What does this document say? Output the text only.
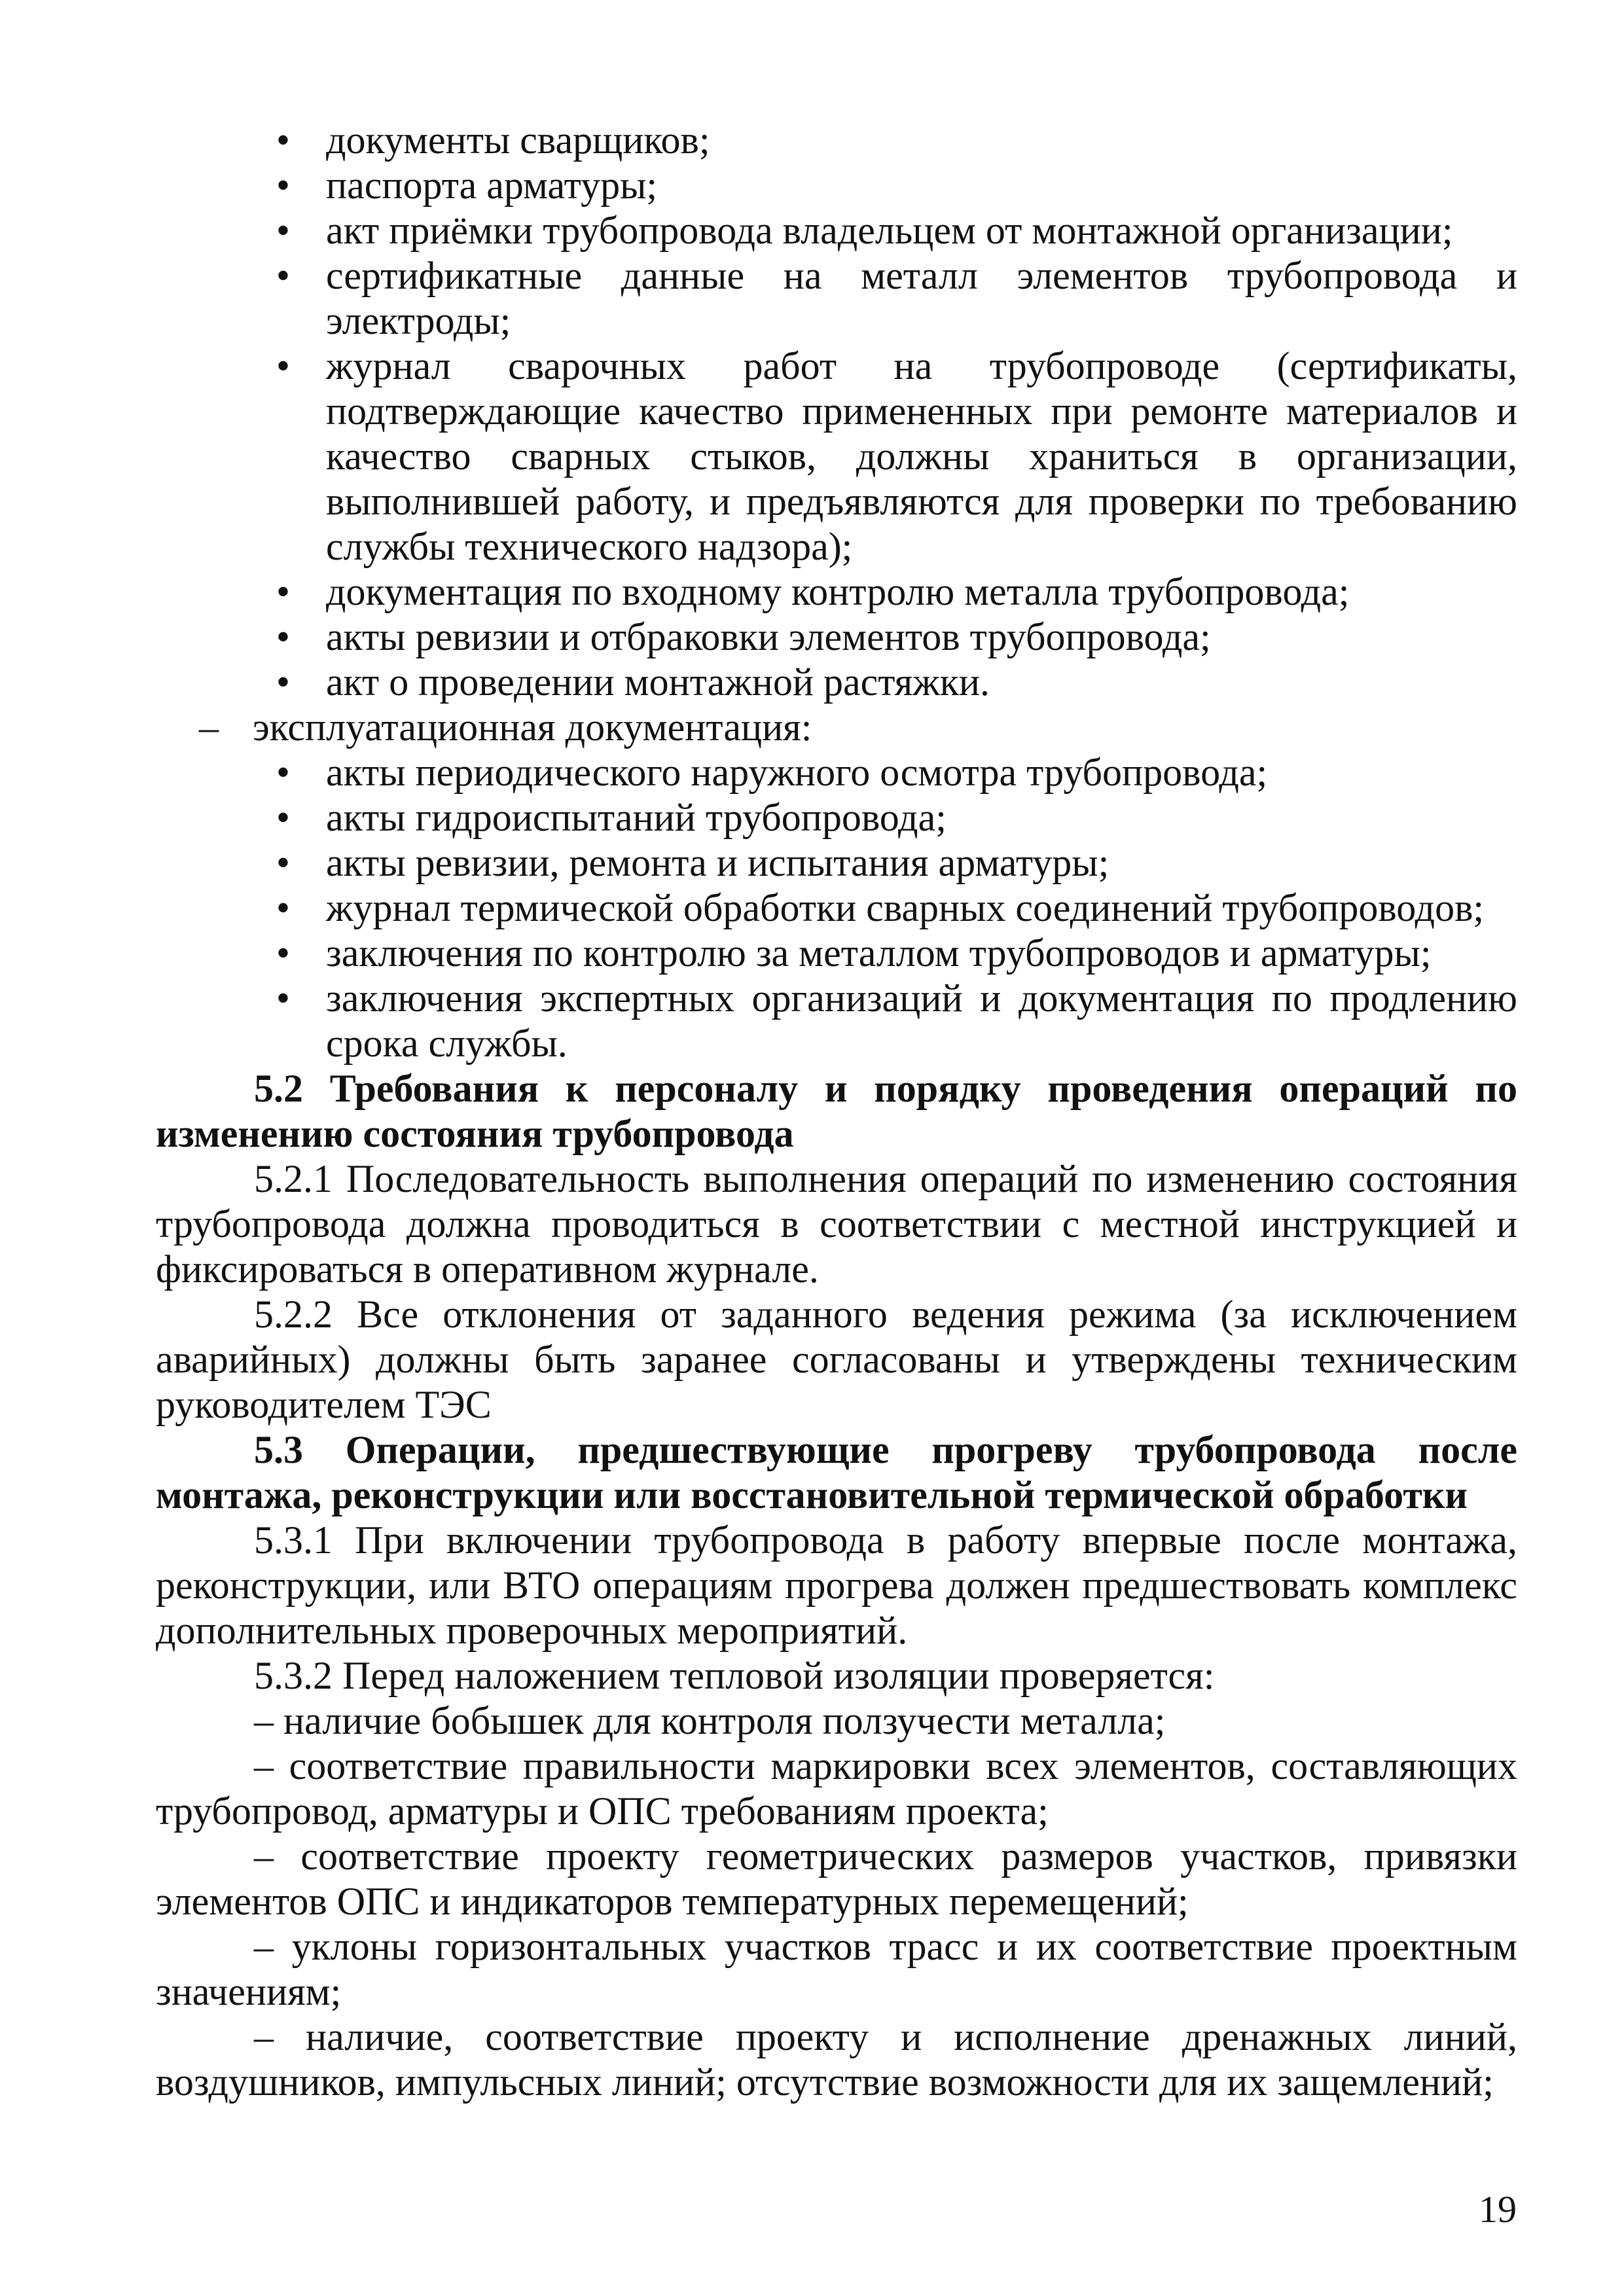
• документы сварщиков;
• паспорта арматуры;
• акт приёмки трубопровода владельцем от монтажной организации;
• сертификатные данные на металл элементов трубопровода и электроды;
• журнал сварочных работ на трубопроводе (сертификаты, подтверждающие качество примененных при ремонте материалов и качество сварных стыков, должны храниться в организации, выполнившей работу, и предъявляются для проверки по требованию службы технического надзора);
• документация по входному контролю металла трубопровода;
• акты ревизии и отбраковки элементов трубопровода;
• акт о проведении монтажной растяжки.
– эксплуатационная документация:
• акты периодического наружного осмотра трубопровода;
• акты гидроиспытаний трубопровода;
• акты ревизии, ремонта и испытания арматуры;
• журнал термической обработки сварных соединений трубопроводов;
• заключения по контролю за металлом трубопроводов и арматуры;
• заключения экспертных организаций и документация по продлению срока службы.

5.2 Требования к персоналу и порядку проведения операций по изменению состояния трубопровода

5.2.1 Последовательность выполнения операций по изменению состояния трубопровода должна проводиться в соответствии с местной инструкцией и фиксироваться в оперативном журнале.

5.2.2 Все отклонения от заданного ведения режима (за исключением аварийных) должны быть заранее согласованы и утверждены техническим руководителем ТЭС

5.3 Операции, предшествующие прогреву трубопровода после монтажа, реконструкции или восстановительной термической обработки

5.3.1 При включении трубопровода в работу впервые после монтажа, реконструкции, или ВТО операциям прогрева должен предшествовать комплекс дополнительных проверочных мероприятий.

5.3.2 Перед наложением тепловой изоляции проверяется:

– наличие бобышек для контроля ползучести металла;

– соответствие правильности маркировки всех элементов, составляющих трубопровод, арматуры и ОПС требованиям проекта;

– соответствие проекту геометрических размеров участков, привязки элементов ОПС и индикаторов температурных перемещений;

– уклоны горизонтальных участков трасс и их соответствие проектным значениям;

– наличие, соответствие проекту и исполнение дренажных линий, воздушников, импульсных линий; отсутствие возможности для их защемлений;

19
